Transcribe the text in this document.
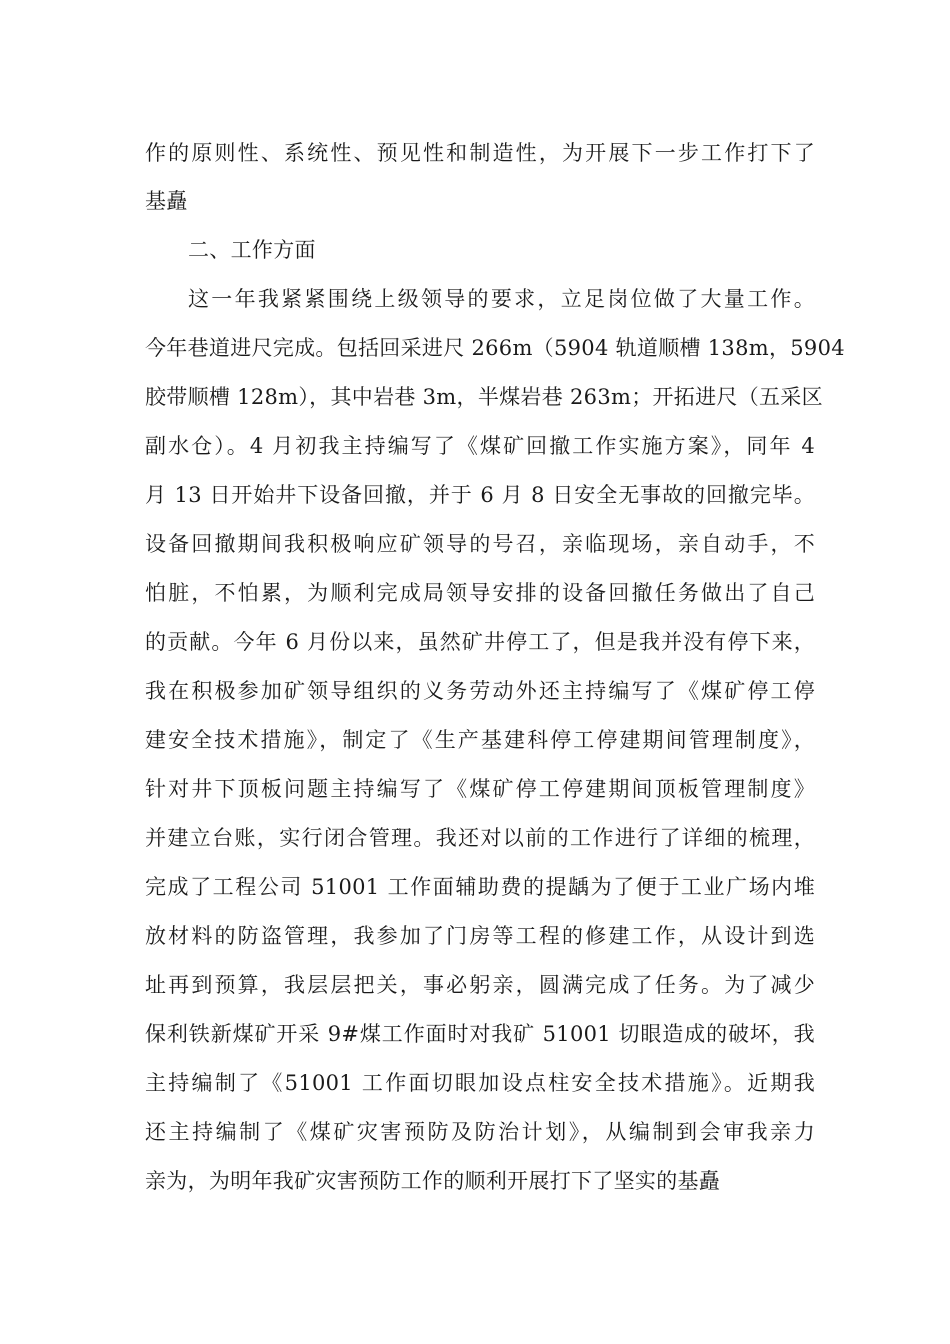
作的原则性、系统性、预见性和制造性，为开展下一步工作打下了
基矗
二、工作方面
这一年我紧紧围绕上级领导的要求，立足岗位做了大量工作。
今年巷道进尺完成。包括回采进尺 266m（5904 轨道顺槽 138m，5904
胶带顺槽 128m），其中岩巷 3m，半煤岩巷 263m；开拓进尺（五采区
副水仓）。4 月初我主持编写了《煤矿回撤工作实施方案》，同年 4
月 13 日开始井下设备回撤，并于 6 月 8 日安全无事故的回撤完毕。
设备回撤期间我积极响应矿领导的号召，亲临现场，亲自动手，不
怕脏，不怕累，为顺利完成局领导安排的设备回撤任务做出了自己
的贡献。今年 6 月份以来，虽然矿井停工了，但是我并没有停下来，
我在积极参加矿领导组织的义务劳动外还主持编写了《煤矿停工停
建安全技术措施》，制定了《生产基建科停工停建期间管理制度》，
针对井下顶板问题主持编写了《煤矿停工停建期间顶板管理制度》
并建立台账，实行闭合管理。我还对以前的工作进行了详细的梳理，
完成了工程公司 51001 工作面辅助费的提龋为了便于工业广场内堆
放材料的防盗管理，我参加了门房等工程的修建工作，从设计到选
址再到预算，我层层把关，事必躬亲，圆满完成了任务。为了减少
保利铁新煤矿开采 9#煤工作面时对我矿 51001 切眼造成的破坏，我
主持编制了《51001 工作面切眼加设点柱安全技术措施》。近期我
还主持编制了《煤矿灾害预防及防治计划》，从编制到会审我亲力
亲为，为明年我矿灾害预防工作的顺利开展打下了坚实的基矗
